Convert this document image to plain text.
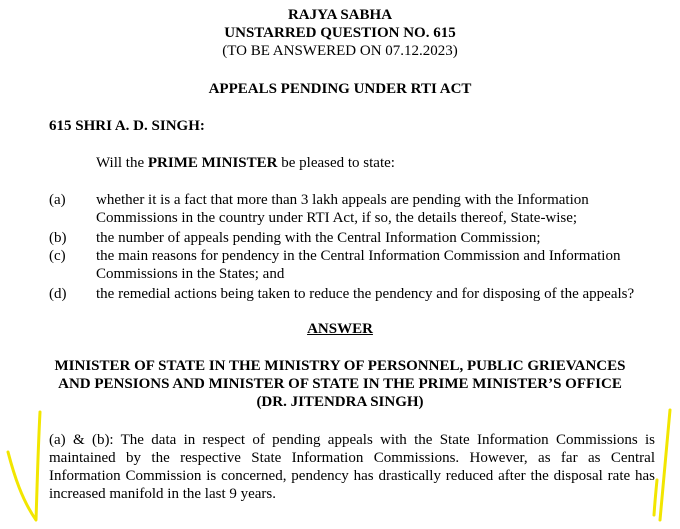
RAJYA SABHA
UNSTARRED QUESTION NO. 615
(TO BE ANSWERED ON 07.12.2023)
APPEALS PENDING UNDER RTI ACT
615 SHRI A. D. SINGH:
Will the PRIME MINISTER be pleased to state:
(a) whether it is a fact that more than 3 lakh appeals are pending with the Information Commissions in the country under RTI Act, if so, the details thereof, State-wise;
(b) the number of appeals pending with the Central Information Commission;
(c) the main reasons for pendency in the Central Information Commission and Information Commissions in the States; and
(d) the remedial actions being taken to reduce the pendency and for disposing of the appeals?
ANSWER
MINISTER OF STATE IN THE MINISTRY OF PERSONNEL, PUBLIC GRIEVANCES
AND PENSIONS AND MINISTER OF STATE IN THE PRIME MINISTER’S OFFICE
(DR. JITENDRA SINGH)
(a) & (b): The data in respect of pending appeals with the State Information Commissions is maintained by the respective State Information Commissions. However, as far as Central Information Commission is concerned, pendency has drastically reduced after the disposal rate has increased manifold in the last 9 years.
